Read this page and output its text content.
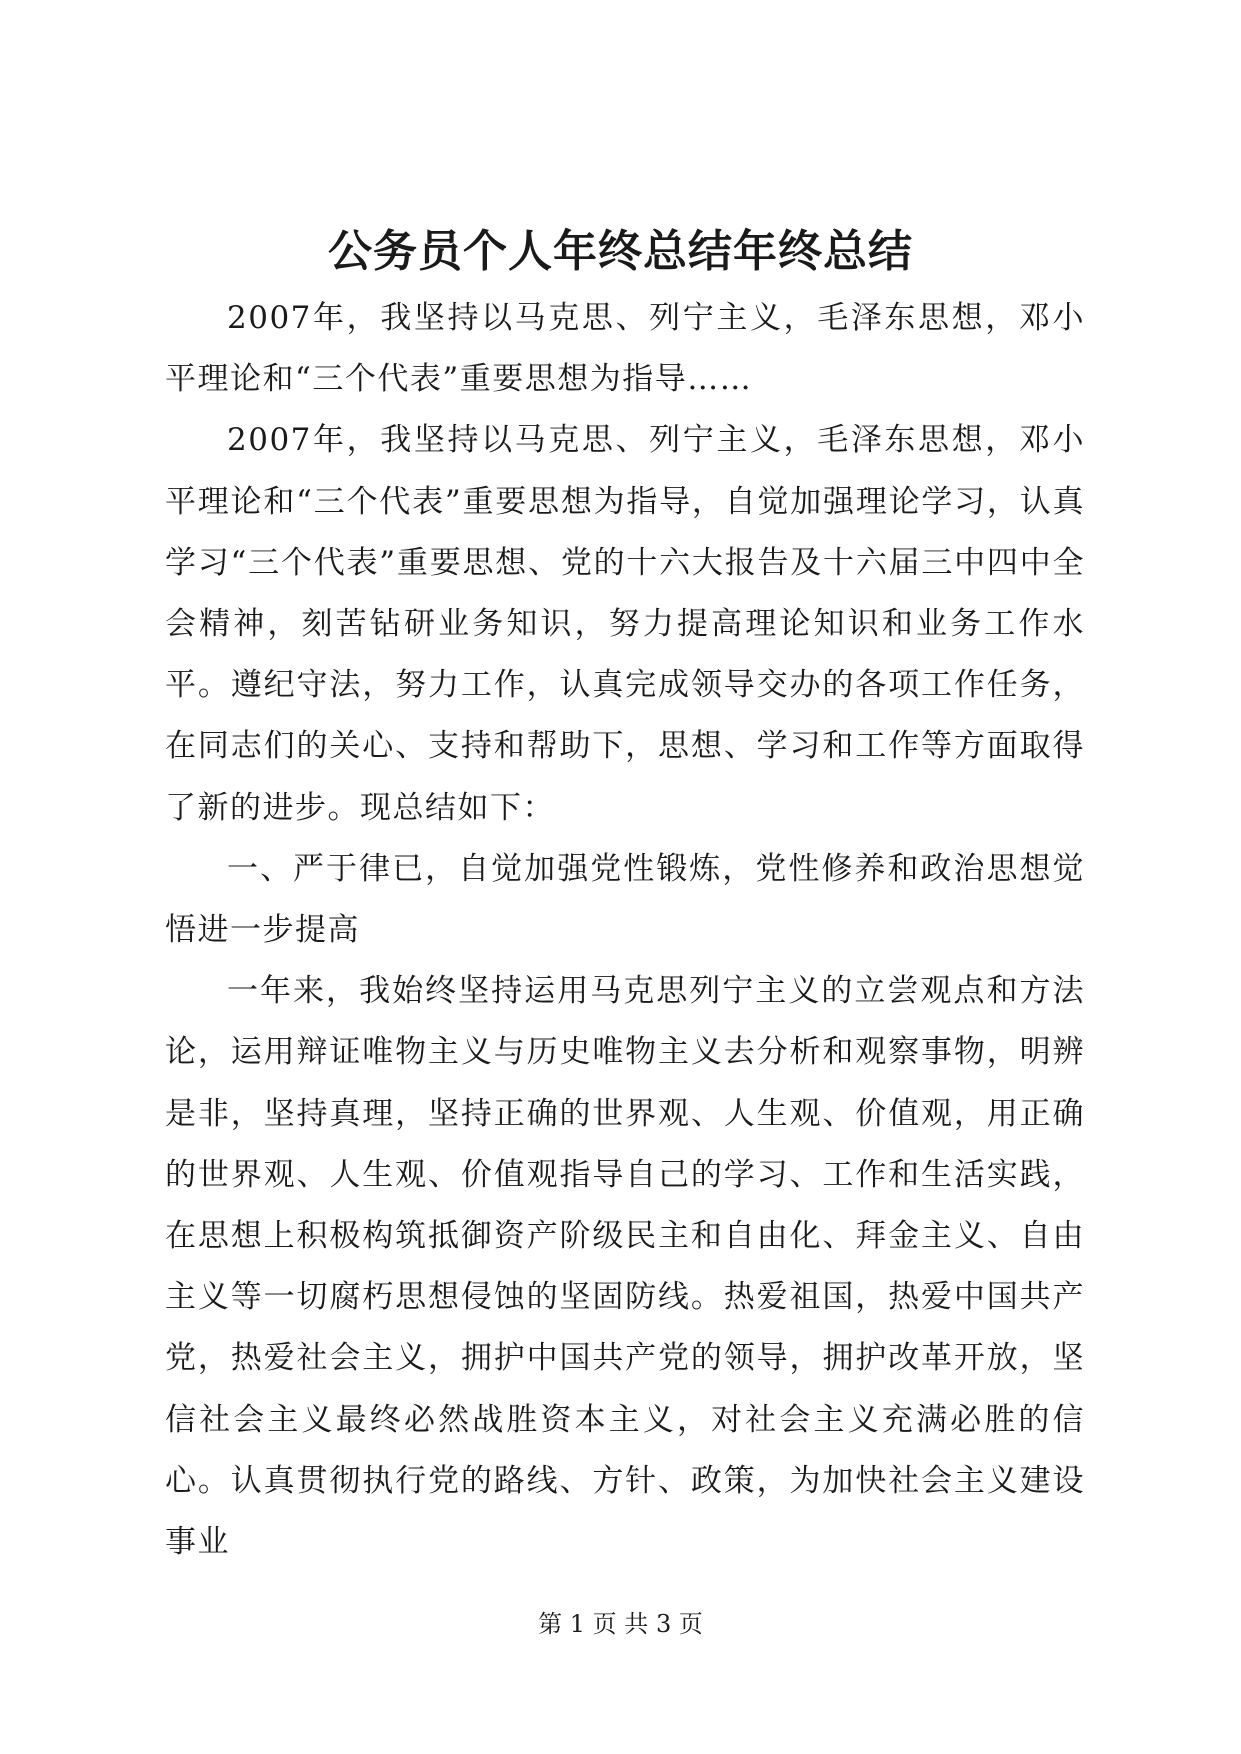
公务员个人年终总结年终总结

2007年，我坚持以马克思、列宁主义，毛泽东思想，邓小平理论和“三个代表”重要思想为指导……

2007年，我坚持以马克思、列宁主义，毛泽东思想，邓小平理论和“三个代表”重要思想为指导，自觉加强理论学习，认真学习“三个代表”重要思想、党的十六大报告及十六届三中四中全会精神，刻苦钻研业务知识，努力提高理论知识和业务工作水平。遵纪守法，努力工作，认真完成领导交办的各项工作任务，在同志们的关心、支持和帮助下，思想、学习和工作等方面取得了新的进步。现总结如下：

一、严于律已，自觉加强党性锻炼，党性修养和政治思想觉悟进一步提高

一年来，我始终坚持运用马克思列宁主义的立尝观点和方法论，运用辩证唯物主义与历史唯物主义去分析和观察事物，明辨是非，坚持真理，坚持正确的世界观、人生观、价值观，用正确的世界观、人生观、价值观指导自己的学习、工作和生活实践，在思想上积极构筑抵御资产阶级民主和自由化、拜金主义、自由主义等一切腐朽思想侵蚀的坚固防线。热爱祖国，热爱中国共产党，热爱社会主义，拥护中国共产党的领导，拥护改革开放，坚信社会主义最终必然战胜资本主义，对社会主义充满必胜的信心。认真贯彻执行党的路线、方针、政策，为加快社会主义建设事业

第 1 页 共 3 页
